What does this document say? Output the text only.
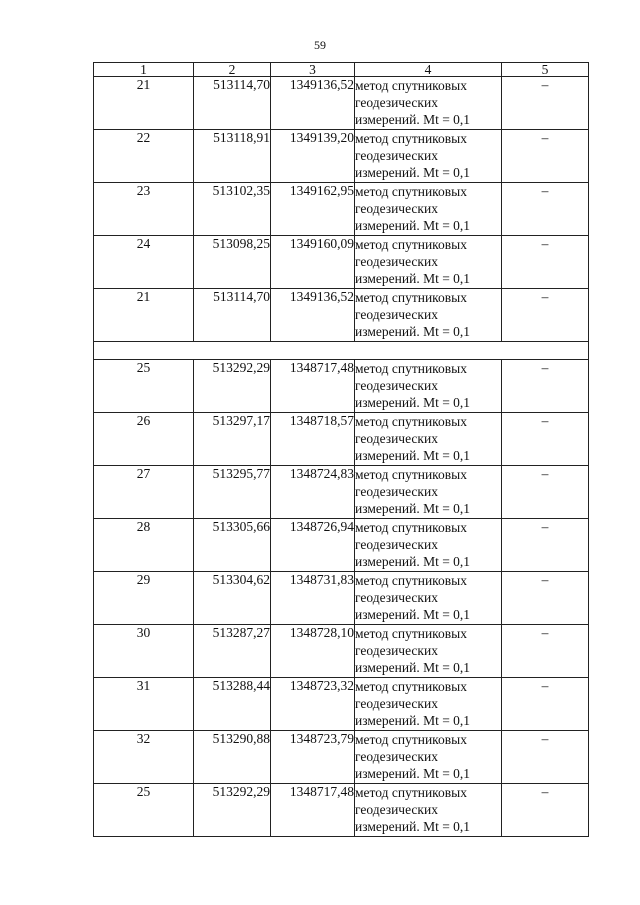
59
1	2	3	4	5
21	513114,70	1349136,52	метод спутниковых
геодезических
измерений. Mt = 0,1	–
22	513118,91	1349139,20	метод спутниковых
геодезических
измерений. Mt = 0,1	–
23	513102,35	1349162,95	метод спутниковых
геодезических
измерений. Mt = 0,1	–
24	513098,25	1349160,09	метод спутниковых
геодезических
измерений. Mt = 0,1	–
21	513114,70	1349136,52	метод спутниковых
геодезических
измерений. Mt = 0,1	–

25	513292,29	1348717,48	метод спутниковых
геодезических
измерений. Mt = 0,1	–
26	513297,17	1348718,57	метод спутниковых
геодезических
измерений. Mt = 0,1	–
27	513295,77	1348724,83	метод спутниковых
геодезических
измерений. Mt = 0,1	–
28	513305,66	1348726,94	метод спутниковых
геодезических
измерений. Mt = 0,1	–
29	513304,62	1348731,83	метод спутниковых
геодезических
измерений. Mt = 0,1	–
30	513287,27	1348728,10	метод спутниковых
геодезических
измерений. Mt = 0,1	–
31	513288,44	1348723,32	метод спутниковых
геодезических
измерений. Mt = 0,1	–
32	513290,88	1348723,79	метод спутниковых
геодезических
измерений. Mt = 0,1	–
25	513292,29	1348717,48	метод спутниковых
геодезических
измерений. Mt = 0,1	–
